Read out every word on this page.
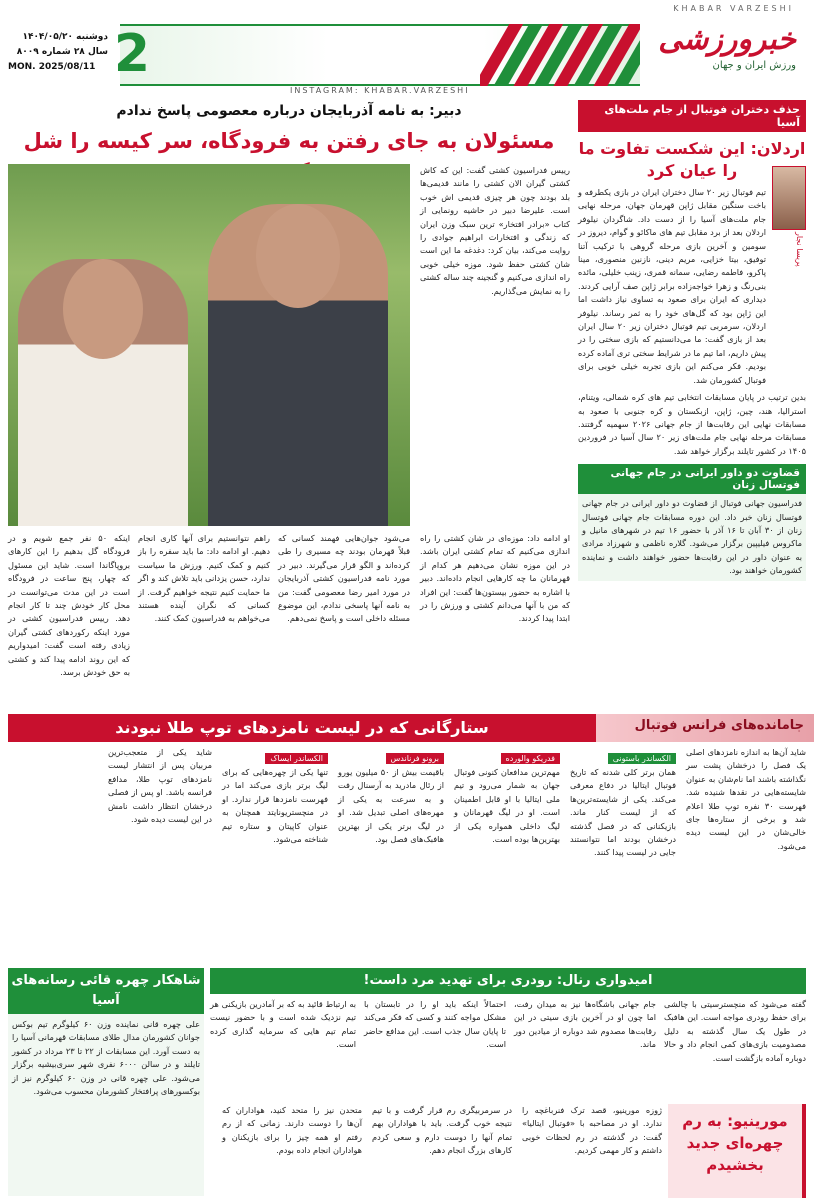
KHABAR VARZESHI
خبرورزشی
ورزش ایران و جهان
2
دوشنبه ۱۴۰۴/۰۵/۲۰
سال ۲۸ شماره ۸۰۰۹
MON. 2025/08/11
INSTAGRAM: KHABAR.VARZESHI
حذف دختران فوتبال از جام ملت‌های آسیا
اردلان: این شکست تفاوت ما را عیان کرد
پریسا نجار
تیم فوتبال زیر ۲۰ سال دختران ایران در بازی یکطرفه و باخت سنگین مقابل ژاپن قهرمان جهان، مرحله نهایی جام ملت‌های آسیا را از دست داد. شاگردان نیلوفر اردلان بعد از برد مقابل تیم های ماکائو و گوام، دیروز در سومین و آخرین بازی مرحله گروهی با ترکیب آتنا توفیق، بیتا خزایی، مریم دینی، نازنین منصوری، مینا پاکرو، فاطمه رضایی، سمانه قمری، زینب خلیلی، مائده بنی‌رنگ و زهرا خواجه‌زاده برابر ژاپن صف آرایی کردند. دیداری که ایران برای صعود به تساوی نیاز داشت اما این ژاپن بود که گل‌های خود را به ثمر رساند. نیلوفر اردلان، سرمربی تیم فوتبال دختران زیر ۲۰ سال ایران بعد از بازی گفت: ما می‌دانستیم که بازی سختی را در پیش داریم، اما تیم ما در شرایط سختی تری آماده کرده بودیم. فکر می‌کنم این بازی تجربه خیلی خوبی برای فوتبال کشورمان شد.
بدین ترتیب در پایان مسابقات انتخابی تیم های کره شمالی، ویتنام، استرالیا، هند، چین، ژاپن، ازبکستان و کره جنوبی با صعود به مسابقات نهایی این رقابت‌ها از جام جهانی ۲۰۲۶ سهمیه گرفتند. مسابقات مرحله نهایی جام ملت‌های زیر ۲۰ سال آسیا در فروردین ۱۴۰۵ در کشور تایلند برگزار خواهد شد.
قضاوت دو داور ایرانی در جام جهانی فوتسال زنان
فدراسیون جهانی فوتبال از قضاوت دو داور ایرانی در جام جهانی فوتسال زنان خبر داد. این دوره مسابقات جام جهانی فوتسال زنان از ۳۰ آبان تا ۱۶ آذر با حضور ۱۶ تیم در شهرهای مانیل و ماکروس فیلیپین برگزار می‌شود. گلاره ناظمی و شهرزاد مرادی به عنوان داور در این رقابت‌ها حضور خواهند داشت و نماینده کشورمان خواهند بود.
دبیر: به نامه آذربایجان درباره معصومی پاسخ ندادم
مسئولان به جای رفتن به فرودگاه، سر کیسه را شل
رییس فدراسیون کشتی گفت: این که کاش کشتی گیران الان کشتی را مانند قدیمی‌ها بلد بودند چون هر چیزی قدیمی اش خوب است. علیرضا دبیر در حاشیه رونمایی از کتاب «برادر افتخار» ترین سبک وزن ایران که زندگی و افتخارات ابراهیم جوادی را روایت می‌کند، بیان کرد: دغدغه ما این است شان کشتی حفظ شود. موزه خیلی خوبی راه اندازی می‌کنیم و گنجینه چند ساله کشتی را به نمایش می‌گذاریم.
او ادامه داد: موزه‌ای در شان کشتی را راه اندازی می‌کنیم که تمام کشتی ایران باشد. در این موزه نشان می‌دهیم هر کدام از قهرمانان ما چه کارهایی انجام داده‌اند. دبیر با اشاره به حضور بیستون‌ها گفت: این افراد که من با آنها می‌دانم کشتی و ورزش را در ابتدا پیدا کردند.
می‌شود جوان‌هایی فهمند کسانی که قبلاً قهرمان بودند چه مسیری را طی کرده‌اند و الگو قرار می‌گیرند. دبیر در مورد نامه فدراسیون کشتی آذربایجان در مورد امیر رضا معصومی گفت: من به نامه آنها پاسخی ندادم، این موضوع مسئله داخلی است و پاسخ نمی‌دهم.
راهم نتوانستیم برای آنها کاری انجام دهیم. او ادامه داد: ما باید سفره را باز کنیم و کمک کنیم. ورزش ما سیاست ندارد، حسن یزدانی باید تلاش کند و اگر ما حمایت کنیم نتیجه خواهیم گرفت. از کسانی که نگران آینده هستند می‌خواهم به فدراسیون کمک کنند.
اینکه ۵۰ نفر جمع شویم و در فرودگاه گل بدهیم را این کارهای بروپاگاندا است. شاید این مسئول که چهار، پنج ساعت در فرودگاه است در این مدت می‌توانست در محل کار خودش چند تا کار انجام دهد. رییس فدراسیون کشتی در مورد اینکه رکوردهای کشتی گیران زیادی رفته است گفت: امیدواریم که این روند ادامه پیدا کند و کشتی به حق خودش برسد.
جامانده‌های فرانس فوتبال
ستارگانی که در لیست نامزدهای توپ طلا نبودند
شاید آن‌ها به اندازه نامزدهای اصلی یک فصل را درخشان پشت سر نگذاشته باشند اما نام‌شان به عنوان شایسته‌هایی در نقدها شنیده شد. فهرست ۳۰ نفره توپ طلا اعلام شد و برخی از ستاره‌ها جای خالی‌شان در این لیست دیده می‌شود.
الکساندر باستونی
همان برتر کلی شدنه که تاریخ فوتبال ایتالیا در دفاع معرفی می‌کند. یکی از شایسته‌ترین‌ها که از لیست کنار ماند. بازیکنانی که در فصل گذشته درخشان بودند اما نتوانستند جایی در لیست پیدا کنند.
فدریکو والورده
مهم‌ترین مدافعان کنونی فوتبال جهان به شمار می‌رود و تیم ملی ایتالیا با او قابل اطمینان است. او در لیگ قهرمانان و لیگ داخلی همواره یکی از بهترین‌ها بوده است.
برونو فرناندس
باقیمت بیش از ۵۰ میلیون یورو از رئال مادرید به آرسنال رفت و به سرعت به یکی از مهره‌های اصلی تبدیل شد. او در لیگ برتر یکی از بهترین هافبک‌های فصل بود.
الکساندر ایساک
تنها یکی از چهره‌هایی که برای لیگ برتر بازی می‌کند اما در فهرست نامزدها قرار ندارد. او در منچستریونایتد همچنان به عنوان کاپیتان و ستاره تیم شناخته می‌شود.
شاید یکی از متعجب‌ترین مربیان پس از انتشار لیست نامزدهای توپ طلا، مدافع فرانسه باشد. او پس از فصلی درخشان انتظار داشت نامش در این لیست دیده شود.
امیدواری رنال: رودری برای تهدید مرد داست!
گفته می‌شود که منچسترسیتی با چالشی برای حفظ رودری مواجه است. این هافبک در طول یک سال گذشته به دلیل مصدومیت بازی‌های کمی انجام داد و حالا دوباره آماده بازگشت است.
جام جهانی باشگاه‌ها نیز به میدان رفت، اما چون او در آخرین بازی سیتی در این رقابت‌ها مصدوم شد دوباره از میادین دور ماند.
احتمالاً اینکه باید او را در تابستان با مشکل مواجه کنند و کسی که فکر می‌کند تا پایان سال جذب است. این مدافع حاضر است.
به ارتباط قائید به که بر آمادرین بازیکنی هر تیم نزدیک شده است و با حضور نیست تمام تیم هایی که سرمایه گذاری کرده است.
شاهکار چهره قائی رسانه‌های آسیا
علی چهره قانی نماینده وزن ۶۰ کیلوگرم تیم بوکس جوانان کشورمان مدال طلای مسابقات قهرمانی آسیا را به دست آورد. این مسابقات از ۲۲ تا ۲۳ مرداد در کشور تایلند و در سالن ۶۰۰۰ نفری شهر سری‌بیشیه برگزار می‌شود. علی چهره قانی در وزن ۶۰ کیلوگرم نیز از بوکسورهای پرافتخار کشورمان محسوب می‌شود.
مورینیو: به رم چهره‌ای جدید بخشیدم
ژوزه مورینیو، قصد ترک فنرباغچه را ندارد. او در مصاحبه با «فوتبال ایتالیا» گفت: در گذشته در رم لحظات خوبی داشتم و کار مهمی کردیم.
در سرمربیگری رم قرار گرفت و با تیم نتیجه خوب گرفت. باید با هواداران بهم تمام آنها را دوست دارم و سعی کردم کارهای بزرگ انجام دهم.
متحدن نیز را متحد کنید، هواداران که آن‌ها را دوست دارند. زمانی که از رم رفتم او همه چیز را برای بازیکنان و هواداران انجام داده بودم.
